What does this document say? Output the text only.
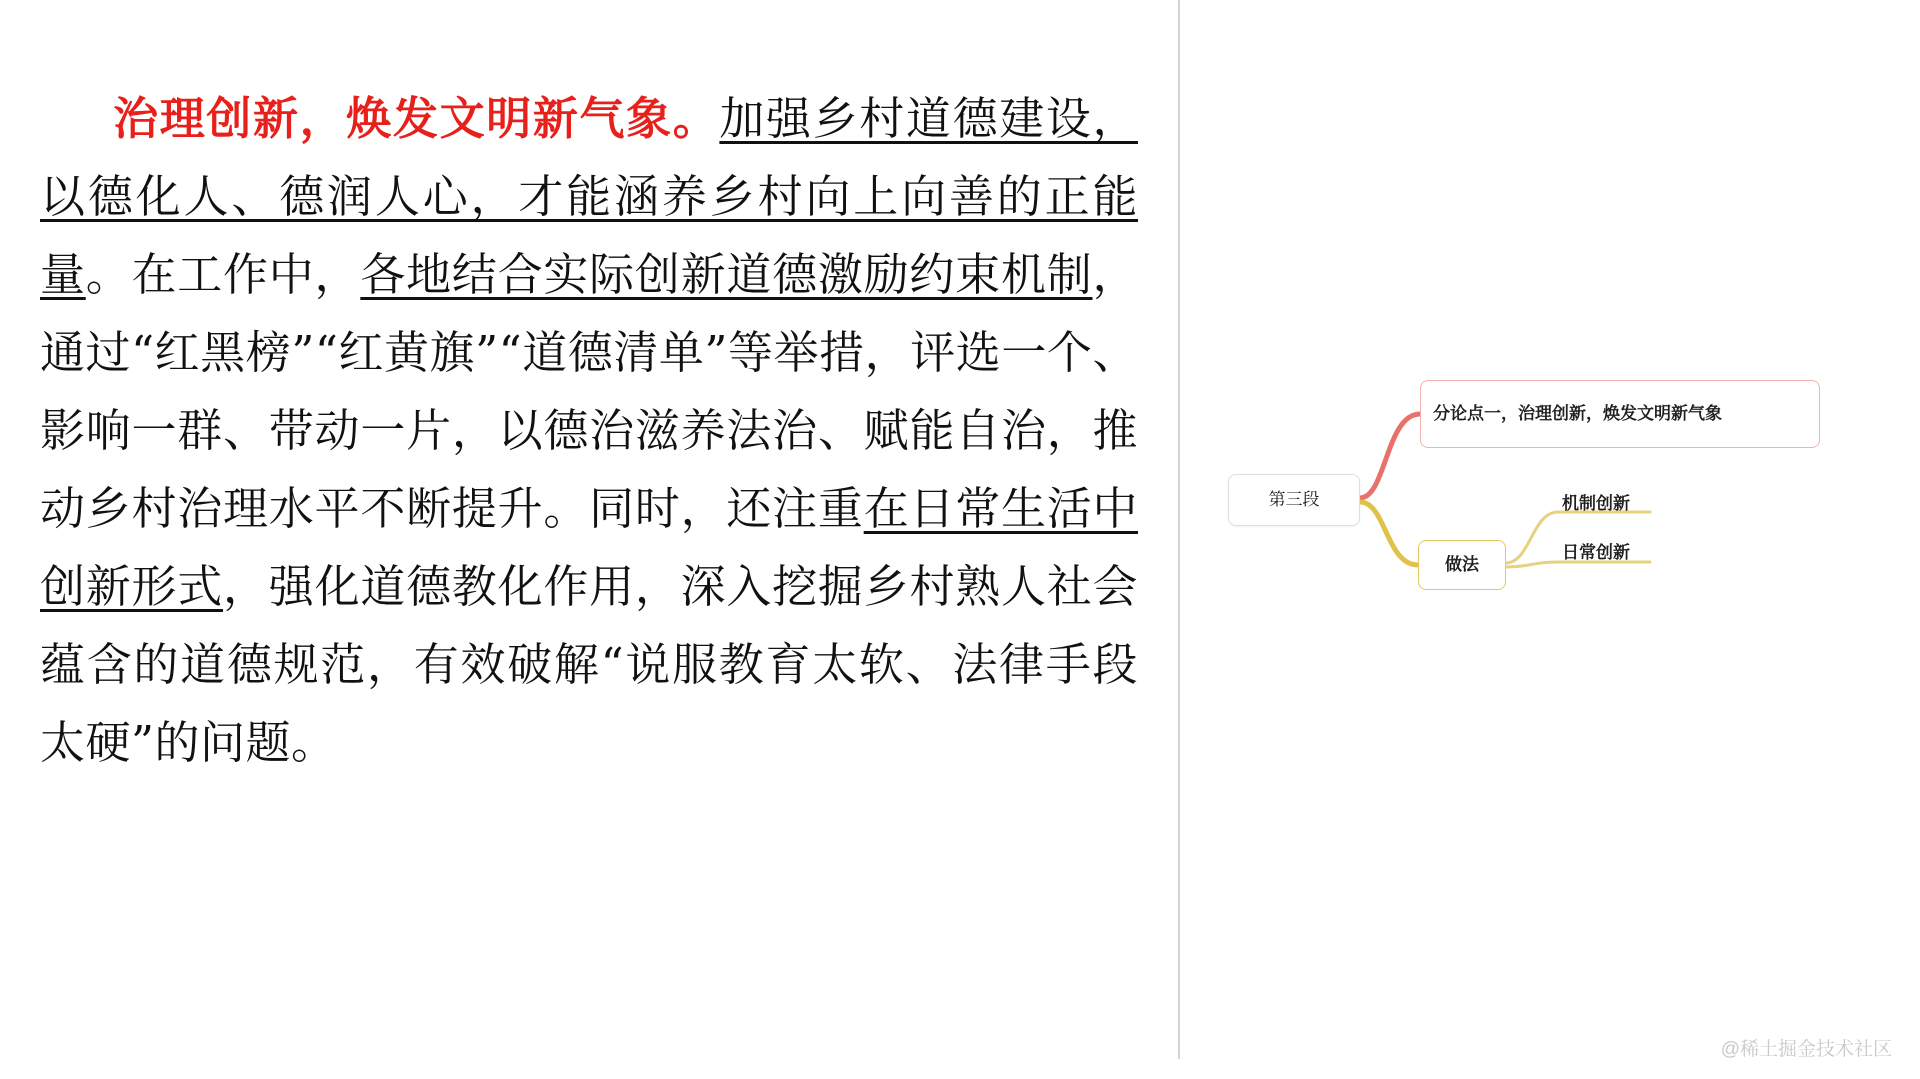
治理创新，焕发文明新气象。加强乡村道德建设，以德化人、德润人心，才能涵养乡村向上向善的正能量。在工作中，各地结合实际创新道德激励约束机制，通过“红黑榜”“红黄旗”“道德清单”等举措，评选一个、影响一群、带动一片，以德治滋养法治、赋能自治，推动乡村治理水平不断提升。同时，还注重在日常生活中创新形式，强化道德教化作用，深入挖掘乡村熟人社会蕴含的道德规范，有效破解“说服教育太软、法律手段太硬”的问题。
第三段
分论点一，治理创新，焕发文明新气象
做法
机制创新
日常创新
@稀土掘金技术社区
